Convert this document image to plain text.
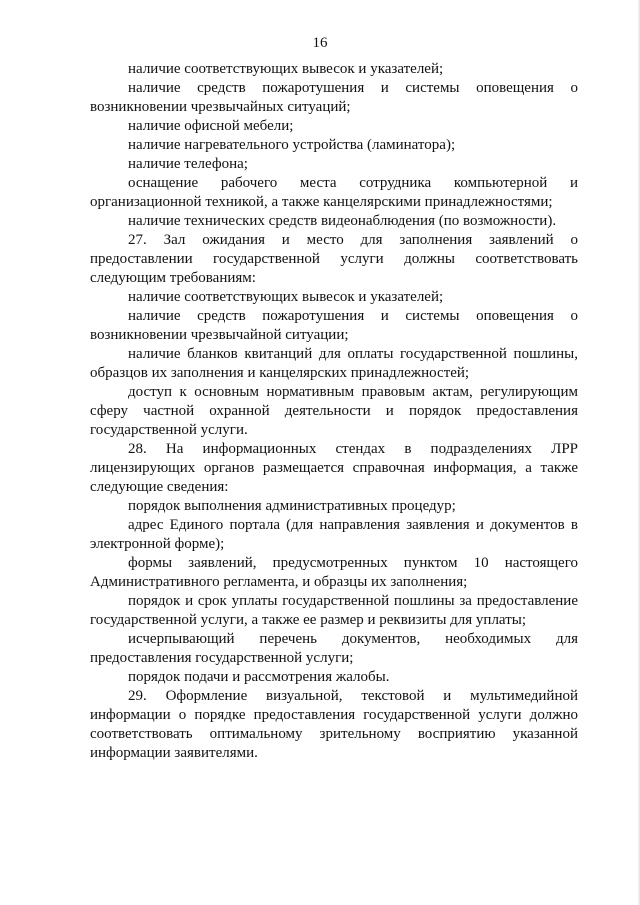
16

наличие соответствующих вывесок и указателей;

наличие средств пожаротушения и системы оповещения о возникновении чрезвычайных ситуаций;

наличие офисной мебели;

наличие нагревательного устройства (ламинатора);

наличие телефона;

оснащение рабочего места сотрудника компьютерной и организационной техникой, а также канцелярскими принадлежностями;

наличие технических средств видеонаблюдения (по возможности).

27. Зал ожидания и место для заполнения заявлений о предоставлении государственной услуги должны соответствовать следующим требованиям:

наличие соответствующих вывесок и указателей;

наличие средств пожаротушения и системы оповещения о возникновении чрезвычайной ситуации;

наличие бланков квитанций для оплаты государственной пошлины, образцов их заполнения и канцелярских принадлежностей;

доступ к основным нормативным правовым актам, регулирующим сферу частной охранной деятельности и порядок предоставления государственной услуги.

28. На информационных стендах в подразделениях ЛРР лицензирующих органов размещается справочная информация, а также следующие сведения:

порядок выполнения административных процедур;

адрес Единого портала (для направления заявления и документов в электронной форме);

формы заявлений, предусмотренных пунктом 10 настоящего Административного регламента, и образцы их заполнения;

порядок и срок уплаты государственной пошлины за предоставление государственной услуги, а также ее размер и реквизиты для уплаты;

исчерпывающий перечень документов, необходимых для предоставления государственной услуги;

порядок подачи и рассмотрения жалобы.

29. Оформление визуальной, текстовой и мультимедийной информации о порядке предоставления государственной услуги должно соответствовать оптимальному зрительному восприятию указанной информации заявителями.
